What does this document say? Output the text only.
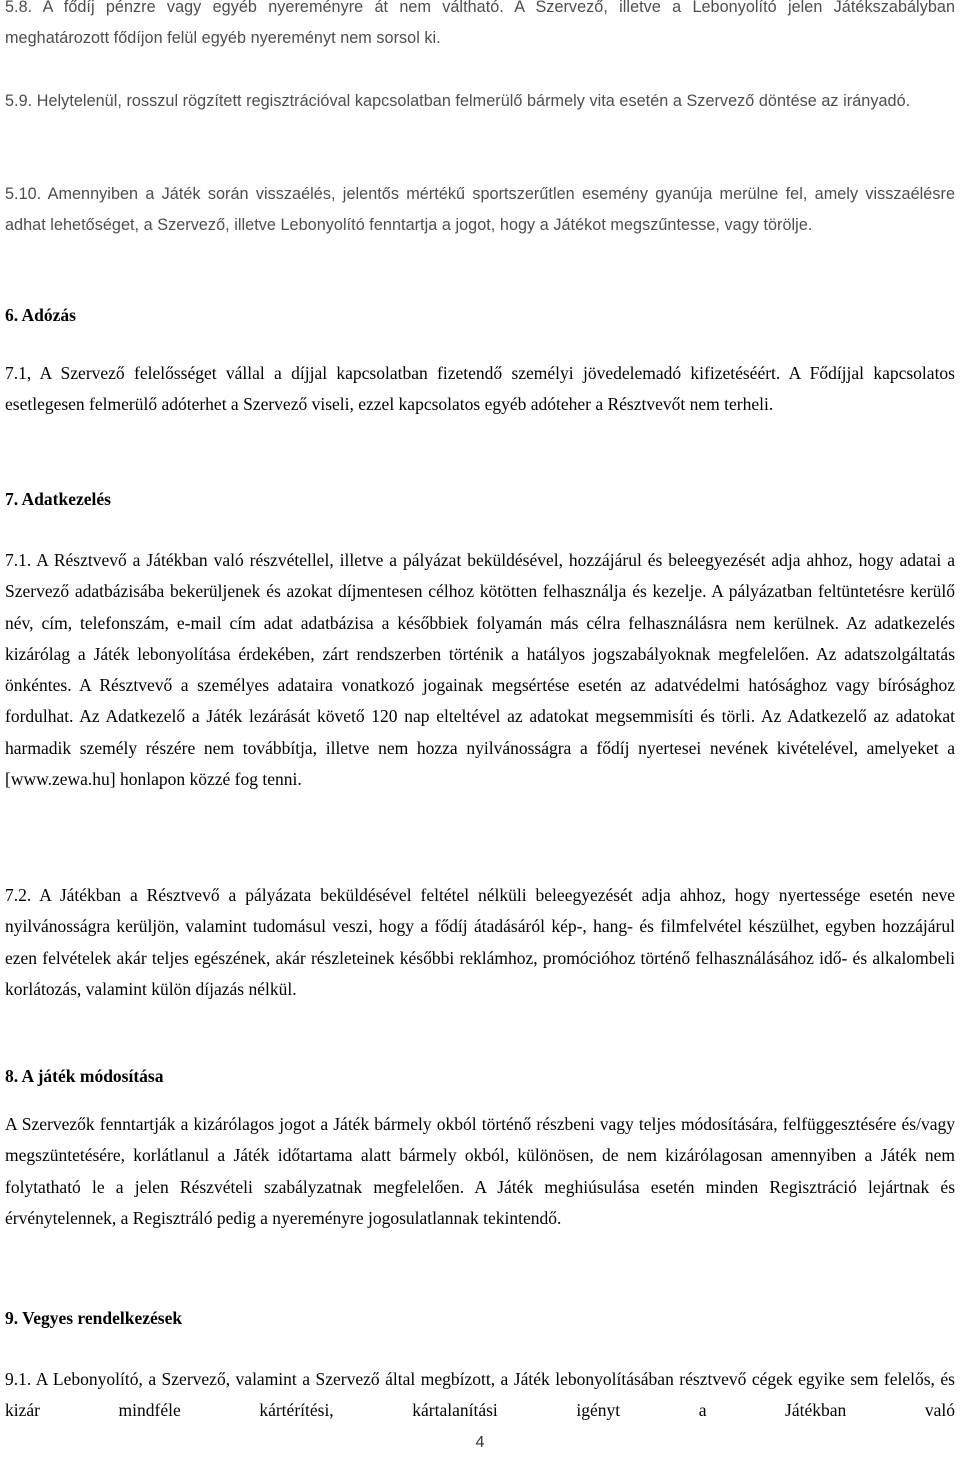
5.8. A fődíj pénzre vagy egyéb nyereményre át nem váltható. A Szervező, illetve a Lebonyolító jelen Játékszabályban meghatározott fődíjon felül egyéb nyereményt nem sorsol ki.

5.9. Helytelenül, rosszul rögzített regisztrációval kapcsolatban felmerülő bármely vita esetén a Szervező döntése az irányadó.

5.10. Amennyiben a Játék során visszaélés, jelentős mértékű sportszerűtlen esemény gyanúja merülne fel, amely visszaélésre adhat lehetőséget, a Szervező, illetve Lebonyolító fenntartja a jogot, hogy a Játékot megszűntesse, vagy törölje.

6. Adózás

7.1, A Szervező felelősséget vállal a díjjal kapcsolatban fizetendő személyi jövedelemadó kifizetéséért. A Fődíjjal kapcsolatos esetlegesen felmerülő adóterhet a Szervező viseli, ezzel kapcsolatos egyéb adóteher a Résztvevőt nem terheli.

7. Adatkezelés

7.1. A Résztvevő a Játékban való részvétellel, illetve a pályázat beküldésével, hozzájárul és beleegyezését adja ahhoz, hogy adatai a Szervező adatbázisába bekerüljenek és azokat díjmentesen célhoz kötötten felhasználja és kezelje. A pályázatban feltüntetésre kerülő név, cím, telefonszám, e-mail cím adat adatbázisa a későbbiek folyamán más célra felhasználásra nem kerülnek. Az adatkezelés kizárólag a Játék lebonyolítása érdekében, zárt rendszerben történik a hatályos jogszabályoknak megfelelően. Az adatszolgáltatás önkéntes. A Résztvevő a személyes adataira vonatkozó jogainak megsértése esetén az adatvédelmi hatósághoz vagy bírósághoz fordulhat. Az Adatkezelő a Játék lezárását követő 120 nap elteltével az adatokat megsemmisíti és törli. Az Adatkezelő az adatokat harmadik személy részére nem továbbítja, illetve nem hozza nyilvánosságra a fődíj nyertesei nevének kivételével, amelyeket a [www.zewa.hu] honlapon közzé fog tenni.

7.2. A Játékban a Résztvevő a pályázata beküldésével feltétel nélküli beleegyezését adja ahhoz, hogy nyertessége esetén neve nyilvánosságra kerüljön, valamint tudomásul veszi, hogy a fődíj átadásáról kép-, hang- és filmfelvétel készülhet, egyben hozzájárul ezen felvételek akár teljes egészének, akár részleteinek későbbi reklámhoz, promócióhoz történő felhasználásához idő- és alkalombeli korlátozás, valamint külön díjazás nélkül.

8. A játék módosítása

A Szervezők fenntartják a kizárólagos jogot a Játék bármely okból történő részbeni vagy teljes módosítására, felfüggesztésére és/vagy megszüntetésére, korlátlanul a Játék időtartama alatt bármely okból, különösen, de nem kizárólagosan amennyiben a Játék nem folytatható le a jelen Részvételi szabályzatnak megfelelően. A Játék meghiúsulása esetén minden Regisztráció lejártnak és érvénytelennek, a Regisztráló pedig a nyereményre jogosulatlannak tekintendő.

9. Vegyes rendelkezések

9.1. A Lebonyolító, a Szervező, valamint a Szervező által megbízott, a Játék lebonyolításában résztvevő cégek egyike sem felelős, és kizár mindféle kártérítési, kártalanítási igényt a Játékban való

4
